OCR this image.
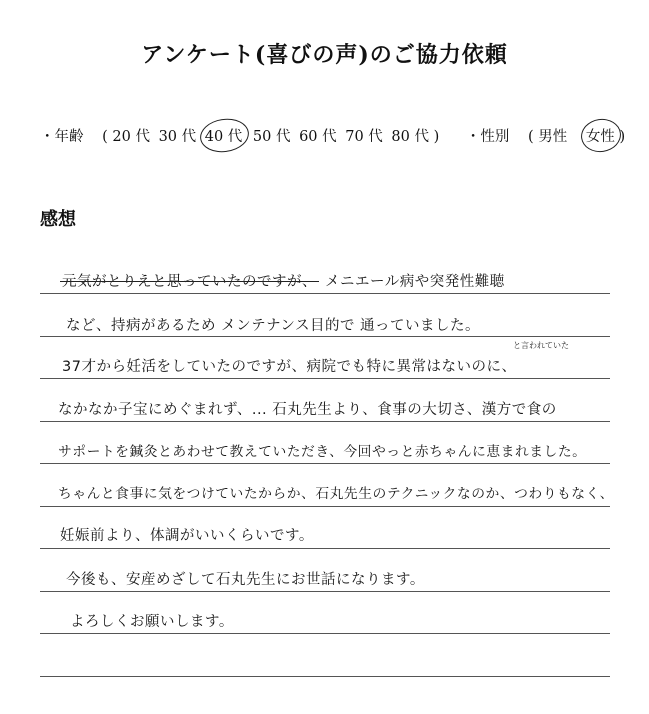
アンケート(喜びの声)のご協力依頼
・年齢 ( 20 代 30 代 40 代 50 代 60 代 70 代 80 代 ) ・性別 ( 男性 女性 )
感想
元気がとりえと思っていたのですが、 メニエール病や突発性難聴
など、持病があるため メンテナンス目的で 通っていました。
と言われていた
37才から妊活をしていたのですが、病院でも特に異常はないのに、
なかなか子宝にめぐまれず、... 石丸先生より、食事の大切さ、漢方で食の
サポートを鍼灸とあわせて教えていただき、今回やっと赤ちゃんに恵まれました。
ちゃんと食事に気をつけていたからか、石丸先生のテクニックなのか、つわりもなく、
妊娠前より、体調がいいくらいです。
今後も、安産めざして石丸先生にお世話になります。
よろしくお願いします。
